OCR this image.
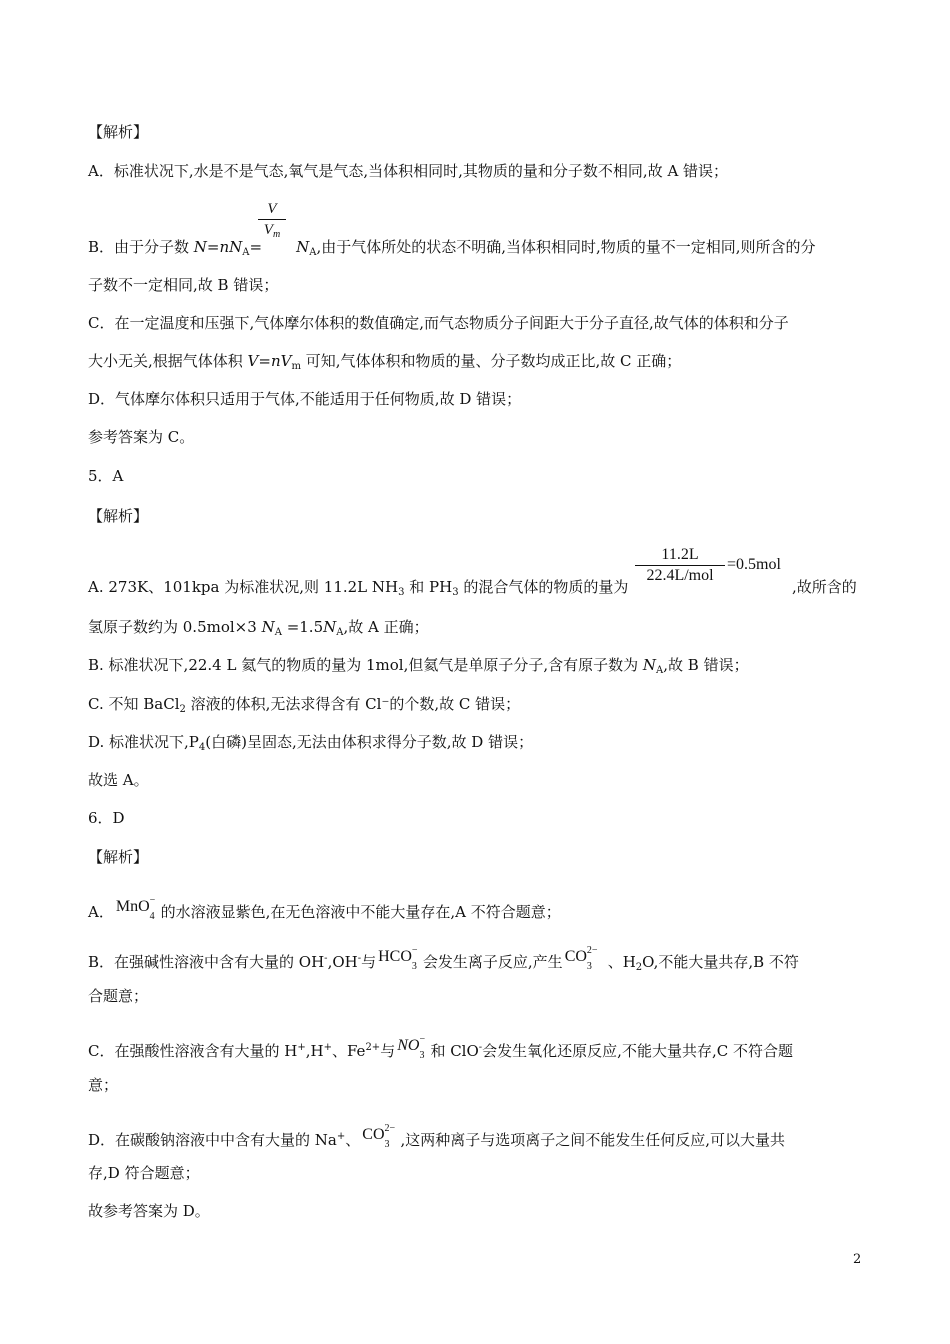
【解析】
A．标准状况下,水是不是气态,氧气是气态,当体积相同时,其物质的量和分子数不相同,故 A 错误；
V
$V_m$
B．由于分子数 $N=nN_A= N_A$,由于气体所处的状态不明确,当体积相同时,物质的量不一定相同,则所含的分
子数不一定相同,故 B 错误；
C．在一定温度和压强下,气体摩尔体积的数值确定,而气态物质分子间距大于分子直径,故气体的体积和分子
大小无关,根据气体体积 $V=nV_m$ 可知,气体体积和物质的量、分子数均成正比,故 C 正确；
D．气体摩尔体积只适用于气体,不能适用于任何物质,故 D 错误；
参考答案为 C。
5．A
【解析】
11.2L
22.4L/mol
=0.5mol
A. 273K、101kpa 为标准状况,则 11.2L $NH_3$ 和 $PH_3$ 的混合气体的物质的量为	,故所含的
氢原子数约为 0.5mol×3 $N_A =1.5N_A$,故 A 正确；
B. 标准状况下,22.4 L 氦气的物质的量为 1mol,但氦气是单原子分子,含有原子数为 $N_A$,故 B 错误；
C. 不知 BaCl$_2$ 溶液的体积,无法求得含有 Cl⁻的个数,故 C 错误；
D. 标准状况下$,P_4$(白磷)呈固态,无法由体积求得分子数,故 D 错误；
故选 A。
6．D
【解析】
A． MnO −
4 的水溶液显紫色,在无色溶液中不能大量存在,A 不符合题意；
B．在强碱性溶液中含有大量的 OH-,OH-与 HCO −
3 会发生离子反应,产生 CO 2−
3 、$H_2O$,不能大量共存,B 不符
合题意；
C．在强酸性溶液含有大量的 H+,H+、$Fe^{2+}$与 NO −
3 和 ClO-会发生氧化还原反应,不能大量共存,C 不符合题
意；
D．在碳酸钠溶液中中含有大量的 Na+、 CO 2−
3 ,这两种离子与选项离子之间不能发生任何反应,可以大量共
存,D 符合题意；
故参考答案为 D。
2
